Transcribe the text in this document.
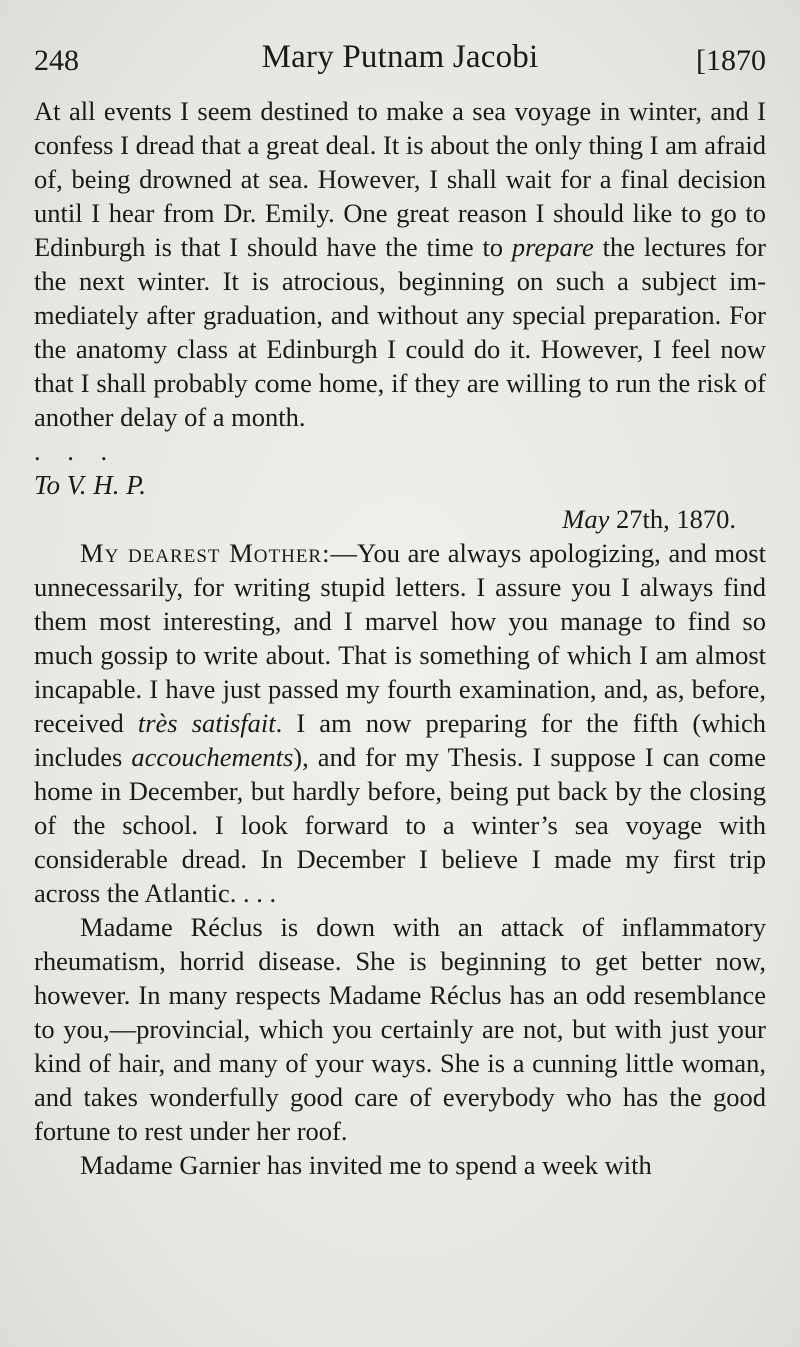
248	Mary Putnam Jacobi	[1870

At all events I seem destined to make a sea voyage in winter, and I confess I dread that a great deal. It is about the only thing I am afraid of, being drowned at sea. However, I shall wait for a final decision until I hear from Dr. Emily. One great reason I should like to go to Edinburgh is that I should have the time to prepare the lectures for the next winter. It is atrocious, beginning on such a subject immediately after graduation, and without any special preparation. For the anatomy class at Edinburgh I could do it. However, I feel now that I shall probably come home, if they are willing to run the risk of another delay of a month.

. . .

To V. H. P.

May 27th, 1870.

My dearest Mother:—You are always apologizing, and most unnecessarily, for writing stupid letters. I assure you I always find them most interesting, and I marvel how you manage to find so much gossip to write about. That is something of which I am almost incapable. I have just passed my fourth examination, and, as, before, received très satisfait. I am now preparing for the fifth (which includes accouchements), and for my Thesis. I suppose I can come home in December, but hardly before, being put back by the closing of the school. I look forward to a winter’s sea voyage with considerable dread. In December I believe I made my first trip across the Atlantic. . . .

Madame Réclus is down with an attack of inflammatory rheumatism, horrid disease. She is beginning to get better now, however. In many respects Madame Réclus has an odd resemblance to you,—provincial, which you certainly are not, but with just your kind of hair, and many of your ways. She is a cunning little woman, and takes wonderfully good care of everybody who has the good fortune to rest under her roof.

Madame Garnier has invited me to spend a week with
